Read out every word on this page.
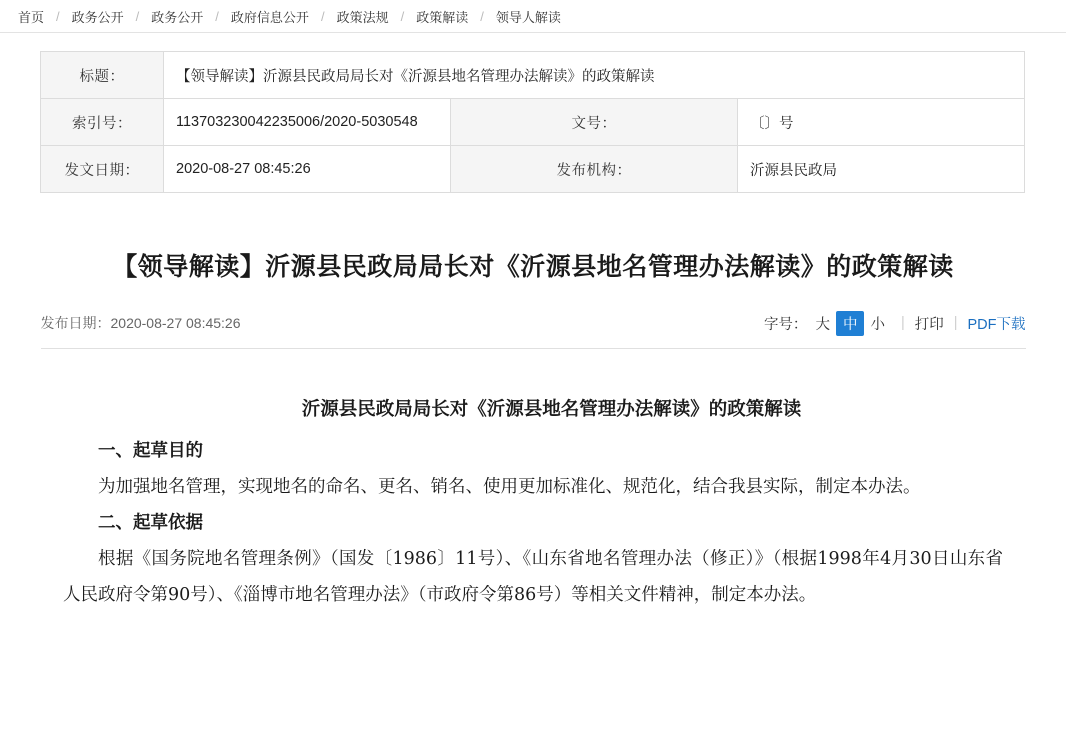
首页 / 政务公开 / 政务公开 / 政府信息公开 / 政策法规 / 政策解读 / 领导人解读
标题：	【领导解读】沂源县民政局局长对《沂源县地名管理办法解读》的政策解读		
索引号：	113703230042235006/2020-5030548	文号：	〔〕号
发文日期：	2020-08-27 08:45:26	发布机构：	沂源县民政局
【领导解读】沂源县民政局局长对《沂源县地名管理办法解读》的政策解读
发布日期：2020-08-27 08:45:26	字号： 大 中 小	| 打印 | PDF下载

沂源县民政局局长对《沂源县地名管理办法解读》的政策解读

一、起草目的

为加强地名管理，实现地名的命名、更名、销名、使用更加标准化、规范化，结合我县实际，制定本办法。

二、起草依据

根据《国务院地名管理条例》（国发〔1986〕11号）、《山东省地名管理办法（修正）》（根据1998年4月30日山东省人民政府令第90号）、《淄博市地名管理办法》（市政府令第86号）等相关文件精神，制定本办法。
